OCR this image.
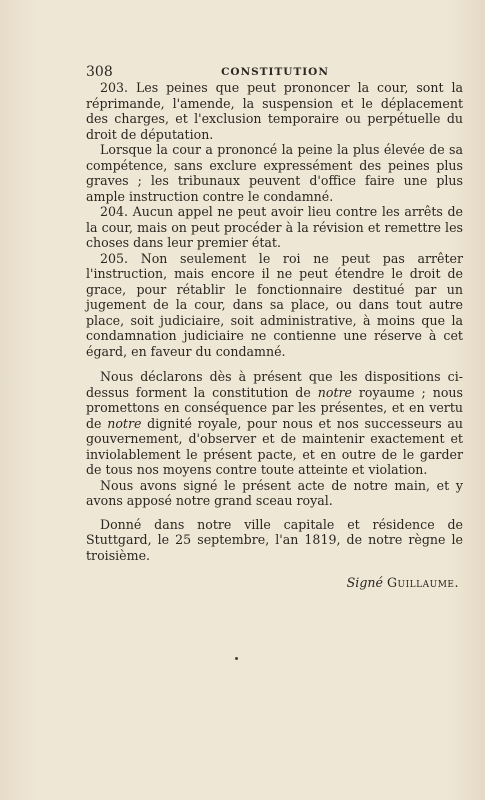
308	CONSTITUTION

203. Les peines que peut prononcer la cour, sont la réprimande, l'amende, la suspension et le déplacement des charges, et l'exclusion temporaire ou perpétuelle du droit de députation.

Lorsque la cour a prononcé la peine la plus élevée de sa compétence, sans exclure expressément des peines plus graves ; les tribunaux peuvent d'office faire une plus ample instruction contre le condamné.

204. Aucun appel ne peut avoir lieu contre les arrêts de la cour, mais on peut procéder à la révision et remettre les choses dans leur premier état.

205. Non seulement le roi ne peut pas arrêter l'instruction, mais encore il ne peut étendre le droit de grace, pour rétablir le fonctionnaire destitué par un jugement de la cour, dans sa place, ou dans tout autre place, soit judiciaire, soit administrative, à moins que la condamnation judiciaire ne contienne une réserve à cet égard, en faveur du condamné.

Nous déclarons dès à présent que les dispositions ci-dessus forment la constitution de notre royaume ; nous promettons en conséquence par les présentes, et en vertu de notre dignité royale, pour nous et nos successeurs au gouvernement, d'observer et de maintenir exactement et inviolablement le présent pacte, et en outre de le garder de tous nos moyens contre toute atteinte et violation.

Nous avons signé le présent acte de notre main, et y avons apposé notre grand sceau royal.

Donné dans notre ville capitale et résidence de Stuttgard, le 25 septembre, l'an 1819, de notre règne le troisième.

Signé Guillaume.
